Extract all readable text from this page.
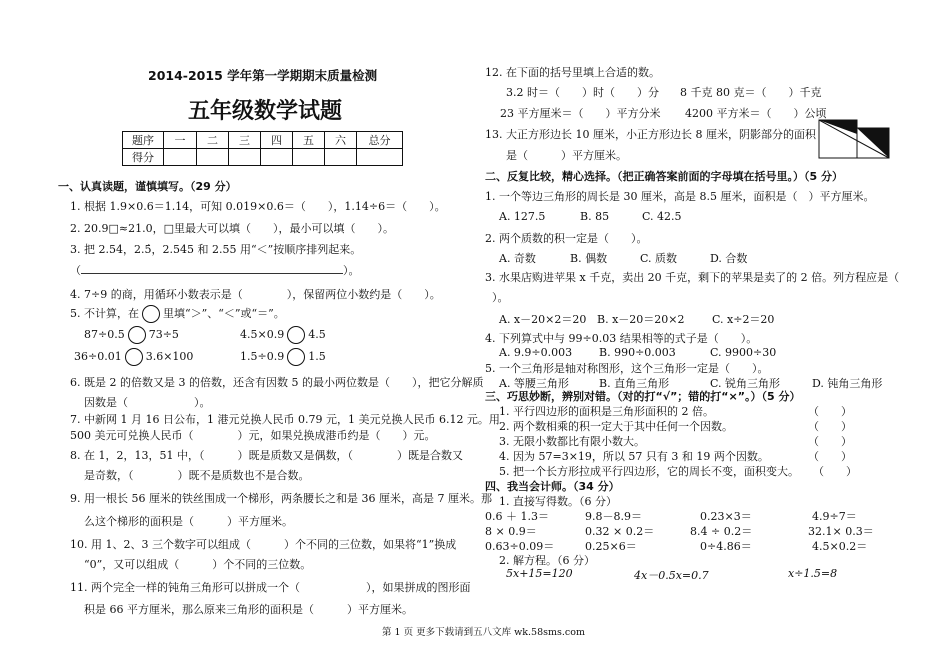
2014-2015 学年第一学期期末质量检测
五年级数学试题
题序	一	二	三	四	五	六	总分
得分							
一、认真读题，谨慎填写。（29 分）
1. 根据 1.9×0.6＝1.14，可知 0.019×0.6＝（　　），1.14÷6＝（　　）。
2. 20.9□≈21.0，□里最大可以填（　　），最小可以填（　　）。
3. 把 2.54，2.5̇，2.545 和 2.55 用“＜”按顺序排列起来。
（	）。
4. 7÷9 的商，用循环小数表示是（　　　　），保留两位小数约是（　　）。
5. 不计算，在 里填“＞”、“＜”或“＝”。
87÷0.5 73÷5	4.5×0.9 4.5
36÷0.01 3.6×100	1.5÷0.9 1.5
6. 既是 2 的倍数又是 3 的倍数，还含有因数 5 的最小两位数是（　　），把它分解质
因数是（　　　　　　）。
7. 中新网 1 月 16 日公布，1 港元兑换人民币 0.79 元，1 美元兑换人民币 6.12 元。用
500 美元可兑换人民币（　　　　）元，如果兑换成港币约是（　　）元。
8. 在 1，2，13，51 中，（　　　）既是质数又是偶数，（　　　　）既是合数又
是奇数，（　　　　）既不是质数也不是合数。
9. 用一根长 56 厘米的铁丝围成一个梯形，两条腰长之和是 36 厘米，高是 7 厘米。那
么这个梯形的面积是（　　　）平方厘米。
10. 用 1、2、3 三个数字可以组成（　　　）个不同的三位数，如果将“1”换成
“0”，又可以组成（　　　）个不同的三位数。
11. 两个完全一样的钝角三角形可以拼成一个（　　　　　　），如果拼成的图形面
积是 66 平方厘米，那么原来三角形的面积是（　　　）平方厘米。
12. 在下面的括号里填上合适的数。
3.2 时＝（　　）时（　　）分 8 千克 80 克＝（　　）千克
23 平方厘米＝（　　）平方分米 4200 平方米＝（　　）公顷
13. 大正方形边长 10 厘米，小正方形边长 8 厘米，阴影部分的面积
是（　　　）平方厘米。
二、反复比较，精心选择。（把正确答案前面的字母填在括号里。）（5 分）
1. 一个等边三角形的周长是 30 厘米，高是 8.5 厘米，面积是（　）平方厘米。
A. 127.5	B. 85	C. 42.5
2. 两个质数的积一定是（　　）。
A. 奇数	B. 偶数	C. 质数	D. 合数
3. 水果店购进苹果 x 千克，卖出 20 千克，剩下的苹果是卖了的 2 倍。列方程应是（
）。
A. x－20×2＝20 B. x－20＝20×2	C. x÷2＝20
4. 下列算式中与 99÷0.03 结果相等的式子是（　　）。
A. 9.9÷0.003 B. 990÷0.003	C. 9900÷30
5. 一个三角形是轴对称图形，这个三角形一定是（　　）。
A. 等腰三角形	B. 直角三角形	C. 锐角三角形	D. 钝角三角形
三、巧思妙断，辨别对错。（对的打“√”；错的打“×”。）（5 分）
1. 平行四边形的面积是三角形面积的 2 倍。	（　　）
2. 两个数相乘的积一定大于其中任何一个因数。	（　　）
3. 无限小数都比有限小数大。	（　　）
4. 因为 57=3×19，所以 57 只有 3 和 19 两个因数。	（　　）
5. 把一个长方形拉成平行四边形，它的周长不变，面积变大。 （　　）
四、我当会计师。（34 分）
1. 直接写得数。（6 分）
0.6 ＋ 1.3＝	9.8－8.9＝	0.23×3＝	4.9÷7＝
8 × 0.9＝	0.32 × 0.2＝	8.4 ÷ 0.2＝	32.1× 0.3＝
0.63÷0.09＝	0.25×6＝	0÷4.86＝	4.5×0.2＝
2. 解方程。（6 分）
5x+15=120	4x－0.5x=0.7	x÷1.5=8
第 1 页 更多下载请到五八文库 wk.58sms.com
